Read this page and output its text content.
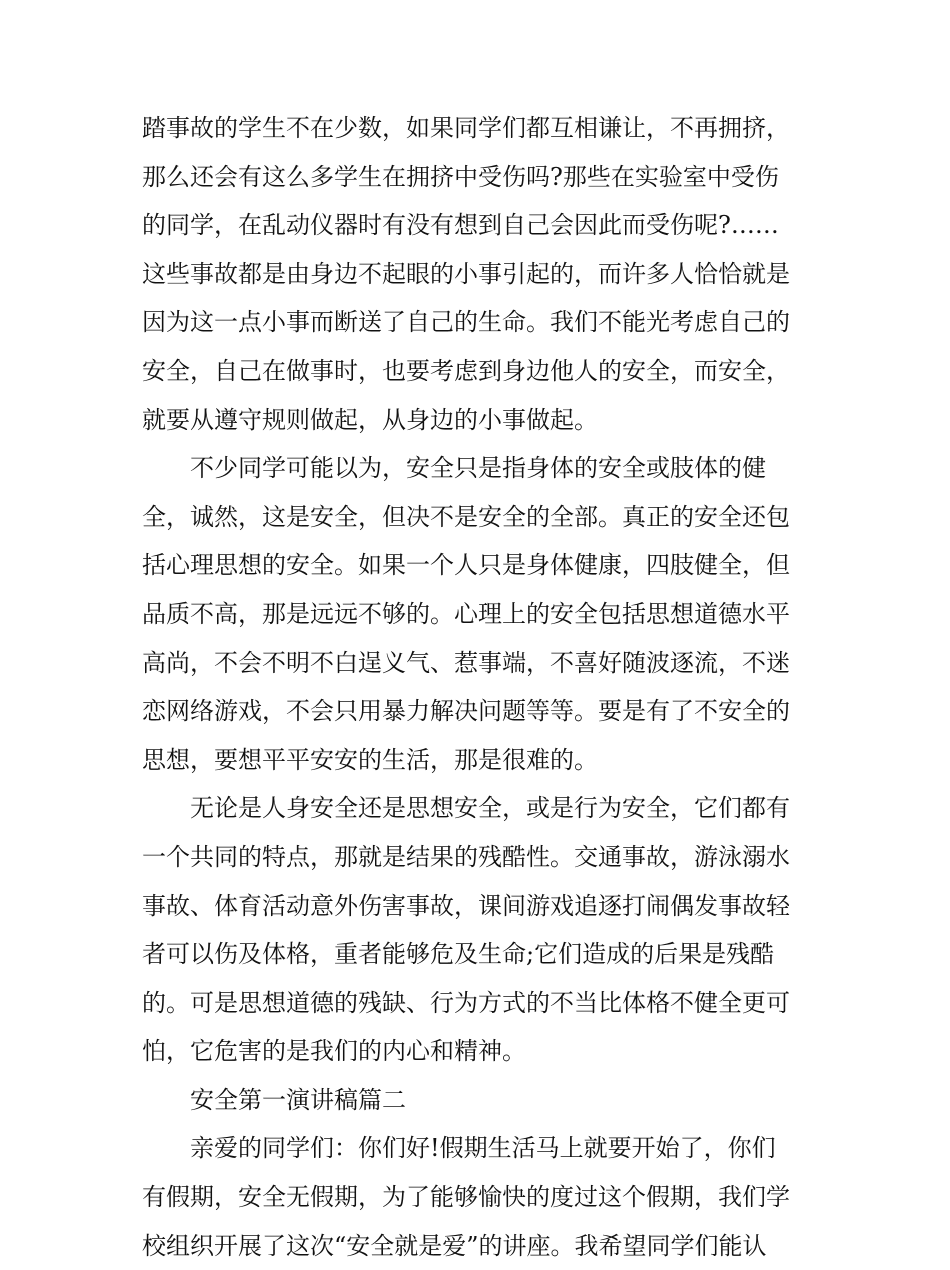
踏事故的学生不在少数，如果同学们都互相谦让，不再拥挤，
那么还会有这么多学生在拥挤中受伤吗?那些在实验室中受伤
的同学，在乱动仪器时有没有想到自己会因此而受伤呢?……
这些事故都是由身边不起眼的小事引起的，而许多人恰恰就是
因为这一点小事而断送了自己的生命。我们不能光考虑自己的
安全，自己在做事时，也要考虑到身边他人的安全，而安全，
就要从遵守规则做起，从身边的小事做起。
不少同学可能以为，安全只是指身体的安全或肢体的健
全，诚然，这是安全，但决不是安全的全部。真正的安全还包
括心理思想的安全。如果一个人只是身体健康，四肢健全，但
品质不高，那是远远不够的。心理上的安全包括思想道德水平
高尚，不会不明不白逞义气、惹事端，不喜好随波逐流，不迷
恋网络游戏，不会只用暴力解决问题等等。要是有了不安全的
思想，要想平平安安的生活，那是很难的。
无论是人身安全还是思想安全，或是行为安全，它们都有
一个共同的特点，那就是结果的残酷性。交通事故，游泳溺水
事故、体育活动意外伤害事故，课间游戏追逐打闹偶发事故轻
者可以伤及体格，重者能够危及生命;它们造成的后果是残酷
的。可是思想道德的残缺、行为方式的不当比体格不健全更可
怕，它危害的是我们的内心和精神。
安全第一演讲稿篇二
亲爱的同学们：你们好!假期生活马上就要开始了，你们
有假期，安全无假期，为了能够愉快的度过这个假期，我们学
校组织开展了这次“安全就是爱”的讲座。我希望同学们能认
